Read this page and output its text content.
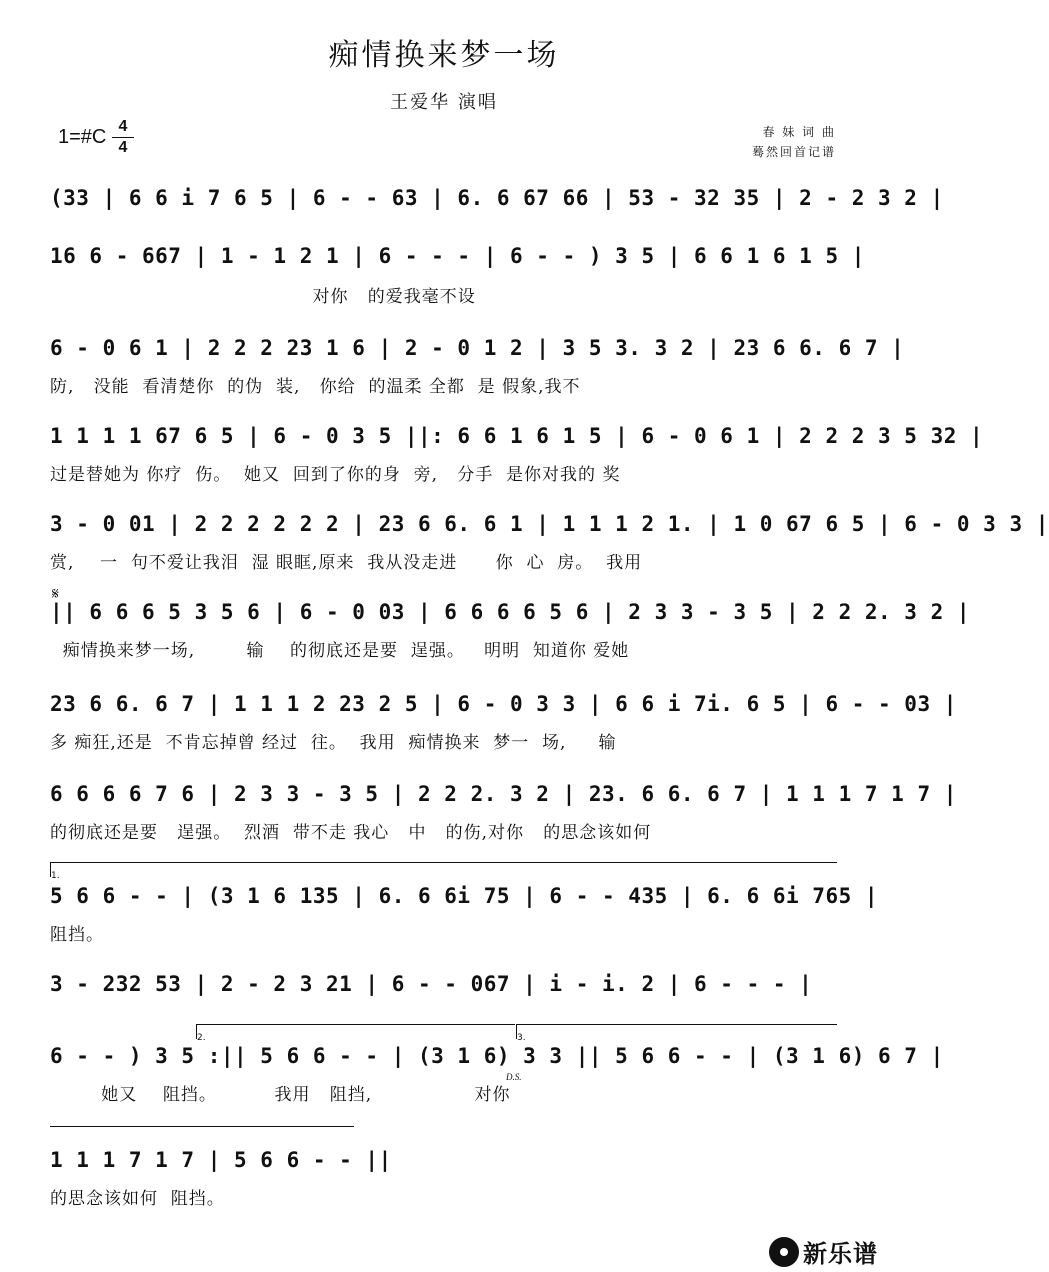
痴情换来梦一场
王爱华 演唱
1=#C 4
4
春 妹 词 曲
蓦然回首记谱
(33 | 6 6 i 7 6 5 | 6 - - 63 | 6. 6 67 66 | 53 - 32 35 | 2 - 2 3 2 |
16 6 - 667 | 1 - 1 2 1 | 6 - - - | 6 - - ) 3 5 | 6 6 1 6 1 5 |
对你   的爱我毫不设
6 - 0 6 1 | 2 2 2 23 1 6 | 2 - 0 1 2 | 3 5 3. 3 2 | 23 6 6. 6 7 |
防,   没能  看清楚你  的伪  装,   你给  的温柔 全都  是 假象,我不
1 1 1 1 67 6 5 | 6 - 0 3 5 ||: 6 6 1 6 1 5 | 6 - 0 6 1 | 2 2 2 3 5 32 |
过是替她为 你疗  伤。  她又  回到了你的身  旁,   分手  是你对我的 奖
3 - 0 01 | 2 2 2 2 2 2 | 23 6 6. 6 1 | 1 1 1 2 1. | 1 0 67 6 5 | 6 - 0 3 3 |
赏,    一  句不爱让我泪  湿 眼眶,原来  我从没走进      你  心  房。  我用
𝄋
|| 6 6 6 5 3 5 6 | 6 - 0 03 | 6 6 6 6 5 6 | 2 3 3 - 3 5 | 2 2 2. 3 2 |
痴情换来梦一场,        输    的彻底还是要  逞强。   明明  知道你 爱她
23 6 6. 6 7 | 1 1 1 2 23 2 5 | 6 - 0 3 3 | 6 6 i 7i. 6 5 | 6 - - 03 |
多 痴狂,还是  不肯忘掉曾 经过  往。  我用  痴情换来  梦一  场,     输
6 6 6 6 7 6 | 2 3 3 - 3 5 | 2 2 2. 3 2 | 23. 6 6. 6 7 | 1 1 1 7 1 7 |
的彻底还是要   逞强。  烈酒  带不走 我心   中   的伤,对你   的思念该如何
1.
5 6 6 - - | (3 1 6 135 | 6. 6 6i 75 | 6 - - 435 | 6. 6 6i 765 |
阻挡。
3 - 232 53 | 2 - 2 3 21 | 6 - - 067 | i - i. 2 | 6 - - - |
2.	3.
6 - - ) 3 5 :|| 5 6 6 - - | (3 1 6) 3 3 || 5 6 6 - - | (3 1 6) 6 7 |
D.S.
她又    阻挡。         我用   阻挡,                对你
1 1 1 7 1 7 | 5 6 6 - - ||
的思念该如何  阻挡。
新乐谱
